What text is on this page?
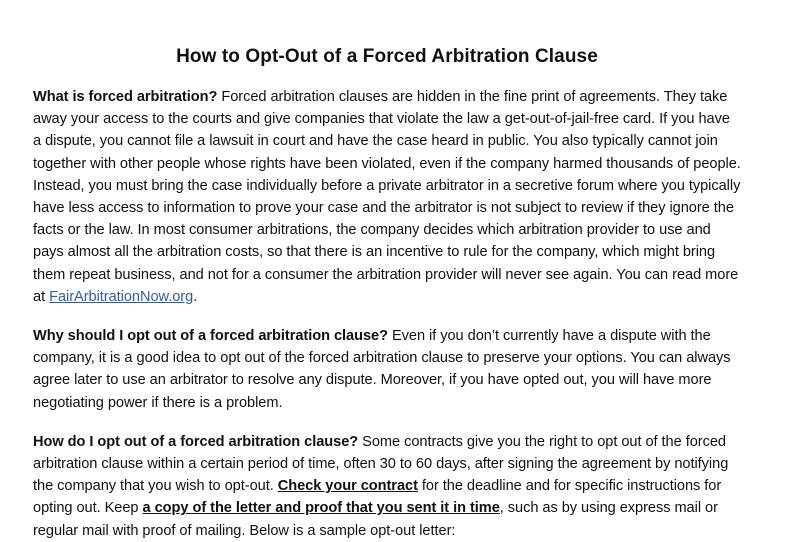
How to Opt-Out of a Forced Arbitration Clause

What is forced arbitration? Forced arbitration clauses are hidden in the fine print of agreements. They take away your access to the courts and give companies that violate the law a get-out-of-jail-free card. If you have a dispute, you cannot file a lawsuit in court and have the case heard in public. You also typically cannot join together with other people whose rights have been violated, even if the company harmed thousands of people. Instead, you must bring the case individually before a private arbitrator in a secretive forum where you typically have less access to information to prove your case and the arbitrator is not subject to review if they ignore the facts or the law. In most consumer arbitrations, the company decides which arbitration provider to use and pays almost all the arbitration costs, so that there is an incentive to rule for the company, which might bring them repeat business, and not for a consumer the arbitration provider will never see again. You can read more at FairArbitrationNow.org.

Why should I opt out of a forced arbitration clause? Even if you don’t currently have a dispute with the company, it is a good idea to opt out of the forced arbitration clause to preserve your options. You can always agree later to use an arbitrator to resolve any dispute. Moreover, if you have opted out, you will have more negotiating power if there is a problem.

How do I opt out of a forced arbitration clause? Some contracts give you the right to opt out of the forced arbitration clause within a certain period of time, often 30 to 60 days, after signing the agreement by notifying the company that you wish to opt-out. Check your contract for the deadline and for specific instructions for opting out. Keep a copy of the letter and proof that you sent it in time, such as by using express mail or regular mail with proof of mailing. Below is a sample opt-out letter:
